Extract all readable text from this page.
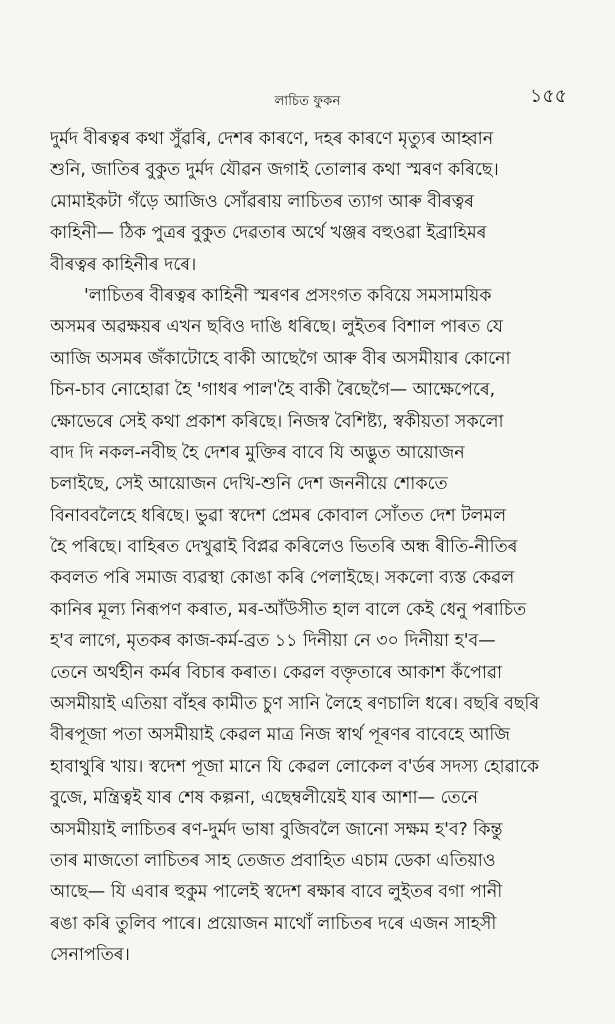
লাচিত ফুকন	১৫৫
দুৰ্মদ বীৰত্বৰ কথা সুঁৱৰি, দেশৰ কাৰণে, দহৰ কাৰণে মৃত্যুৰ আহ্বান
শুনি, জাতিৰ বুকুত দুৰ্মদ যৌৱন জগাই তোলাৰ কথা স্মৰণ কৰিছে।
মোমাইকটা গঁড়ে আজিও সোঁৱৰায় লাচিতৰ ত্যাগ আৰু বীৰত্বৰ
কাহিনী— ঠিক পুত্ৰৰ বুকুত দেৱতাৰ অৰ্থে খঞ্জৰ বহুওৱা ইব্ৰাহিমৰ
বীৰত্বৰ কাহিনীৰ দৰে।
'লাচিতৰ বীৰত্বৰ কাহিনী স্মৰণৰ প্ৰসংগত কবিয়ে সমসাময়িক
অসমৰ অৱক্ষয়ৰ এখন ছবিও দাঙি ধৰিছে। লুইতৰ বিশাল পাৰত যে
আজি অসমৰ জঁকাটোহে বাকী আছেগৈ আৰু বীৰ অসমীয়াৰ কোনো
চিন-চাব নোহোৱা হৈ 'গাধৰ পাল'হৈ বাকী ৰৈছেগৈ— আক্ষেপেৰে,
ক্ষোভেৰে সেই কথা প্ৰকাশ কৰিছে। নিজস্ব বৈশিষ্ট্য, স্বকীয়তা সকলো
বাদ দি নকল-নবীছ হৈ দেশৰ মুক্তিৰ বাবে যি অদ্ভুত আয়োজন
চলাইছে, সেই আয়োজন দেখি-শুনি দেশ জননীয়ে শোকতে
বিনাববলৈহে ধৰিছে। ভুৱা স্বদেশ প্ৰেমৰ কোবাল সোঁতত দেশ টলমল
হৈ পৰিছে। বাহিৰত দেখুৱাই বিপ্লৱ কৰিলেও ভিতৰি অন্ধ ৰীতি-নীতিৰ
কবলত পৰি সমাজ ব্যৱস্থা কোঙা কৰি পেলাইছে। সকলো ব্যস্ত কেৱল
কানিৰ মূল্য নিৰূপণ কৰাত, মৰ-আঁউসীত হাল বালে কেই ধেনু পৰাচিত
হ'ব লাগে, মৃতকৰ কাজ-কৰ্ম-ব্ৰত ১১ দিনীয়া নে ৩০ দিনীয়া হ'ব—
তেনে অৰ্থহীন কৰ্মৰ বিচাৰ কৰাত। কেৱল বক্তৃতাৰে আকাশ কঁপোৱা
অসমীয়াই এতিয়া বাঁহৰ কামীত চুণ সানি লৈহে ৰণচালি ধৰে। বছৰি বছৰি
বীৰপূজা পতা অসমীয়াই কেৱল মাত্ৰ নিজ স্বাৰ্থ পূৰণৰ বাবেহে আজি
হাবাথুৰি খায়। স্বদেশ পূজা মানে যি কেৱল লোকেল ব'ৰ্ডৰ সদস্য হোৱাকে
বুজে, মন্ত্ৰিত্বই যাৰ শেষ কল্পনা, এছেম্বলীয়েই যাৰ আশা— তেনে
অসমীয়াই লাচিতৰ ৰণ-দুৰ্মদ ভাষা বুজিবলৈ জানো সক্ষম হ'ব? কিন্তু
তাৰ মাজতো লাচিতৰ সাহ তেজত প্ৰবাহিত এচাম ডেকা এতিয়াও
আছে— যি এবাৰ হুকুম পালেই স্বদেশ ৰক্ষাৰ বাবে লুইতৰ বগা পানী
ৰঙা কৰি তুলিব পাৰে। প্ৰয়োজন মাথোঁ লাচিতৰ দৰে এজন সাহসী
সেনাপতিৰ।
